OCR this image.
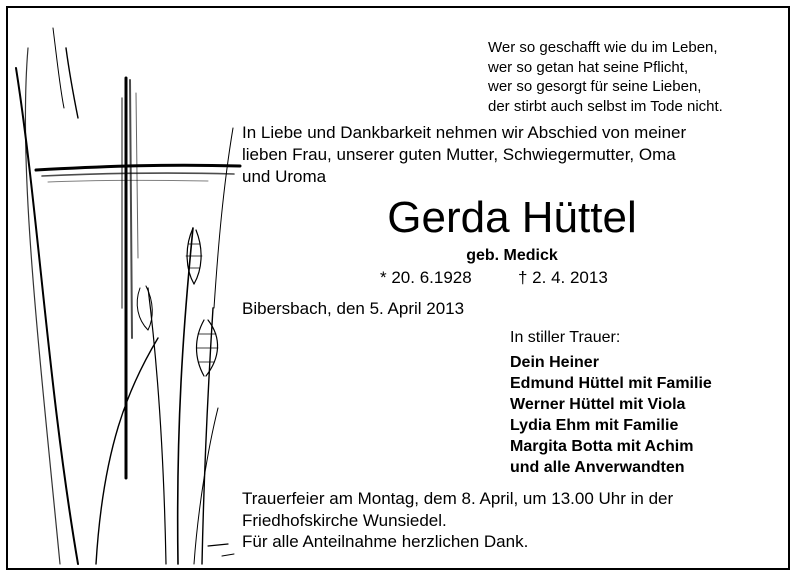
Wer so geschafft wie du im Leben,
wer so getan hat seine Pflicht,
wer so gesorgt für seine Lieben,
der stirbt auch selbst im Tode nicht.
In Liebe und Dankbarkeit nehmen wir Abschied von meiner
lieben Frau, unserer guten Mutter, Schwiegermutter, Oma
und Uroma
Gerda Hüttel
geb. Medick
* 20. 6.1928	† 2. 4. 2013
Bibersbach, den 5. April 2013
In stiller Trauer:
Dein Heiner
Edmund Hüttel mit Familie
Werner Hüttel mit Viola
Lydia Ehm mit Familie
Margita Botta mit Achim
und alle Anverwandten
Trauerfeier am Montag, dem 8. April, um 13.00 Uhr in der
Friedhofskirche Wunsiedel.
Für alle Anteilnahme herzlichen Dank.
